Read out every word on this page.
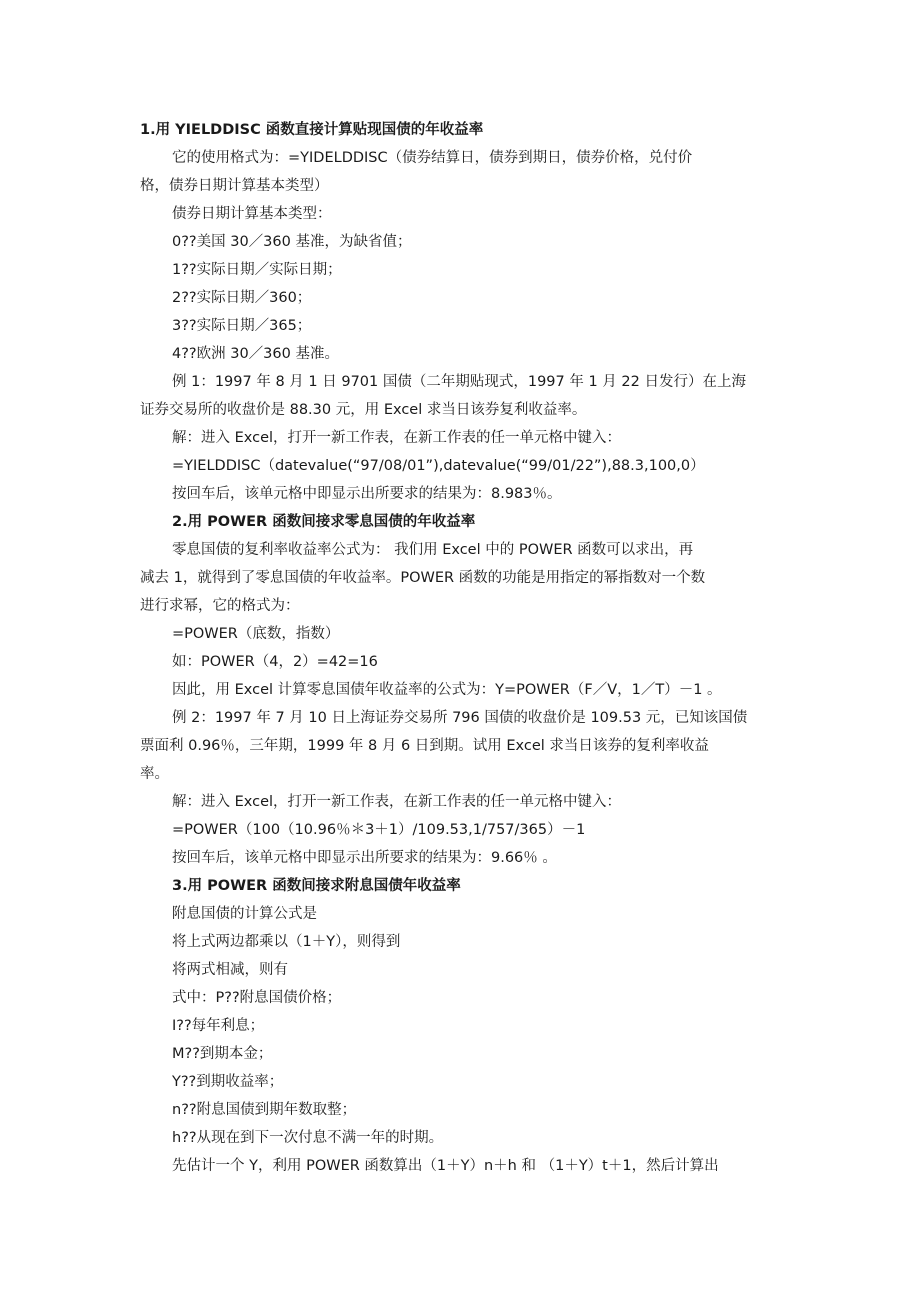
1.用 YIELDDISC 函数直接计算贴现国债的年收益率
它的使用格式为：=YIDELDDISC（债券结算日，债券到期日，债券价格，兑付价
格，债券日期计算基本类型）
债券日期计算基本类型：
0??美国 30／360 基准，为缺省值；
1??实际日期／实际日期；
2??实际日期／360；
3??实际日期／365；
4??欧洲 30／360 基准。
例 1：1997 年 8 月 1 日 9701 国债（二年期贴现式，1997 年 1 月 22 日发行）在上海
证券交易所的收盘价是 88.30 元，用 Excel 求当日该券复利收益率。
解：进入 Excel，打开一新工作表，在新工作表的任一单元格中键入：
=YIELDDISC（datevalue(“97/08/01”),datevalue(“99/01/22”),88.3,100,0）
按回车后，该单元格中即显示出所要求的结果为：8.983％。
2.用 POWER 函数间接求零息国债的年收益率
零息国债的复利率收益率公式为： 我们用 Excel 中的 POWER 函数可以求出，再
减去 1，就得到了零息国债的年收益率。POWER 函数的功能是用指定的幂指数对一个数
进行求幂，它的格式为：
=POWER（底数，指数）
如：POWER（4，2）=42=16
因此，用 Excel 计算零息国债年收益率的公式为：Y=POWER（F／V，1／T）－1 。
例 2：1997 年 7 月 10 日上海证券交易所 796 国债的收盘价是 109.53 元，已知该国债
票面利 0.96％，三年期，1999 年 8 月 6 日到期。试用 Excel 求当日该券的复利率收益
率。
解：进入 Excel，打开一新工作表，在新工作表的任一单元格中键入：
=POWER（100（10.96％＊3＋1）/109.53,1/757/365）－1
按回车后，该单元格中即显示出所要求的结果为：9.66％ 。
3.用 POWER 函数间接求附息国债年收益率
附息国债的计算公式是
将上式两边都乘以（1＋Y），则得到
将两式相减，则有
式中：P??附息国债价格；
I??每年利息；
M??到期本金；
Y??到期收益率；
n??附息国债到期年数取整；
h??从现在到下一次付息不满一年的时期。
先估计一个 Y，利用 POWER 函数算出（1＋Y）n＋h 和 （1＋Y）t＋1，然后计算出
